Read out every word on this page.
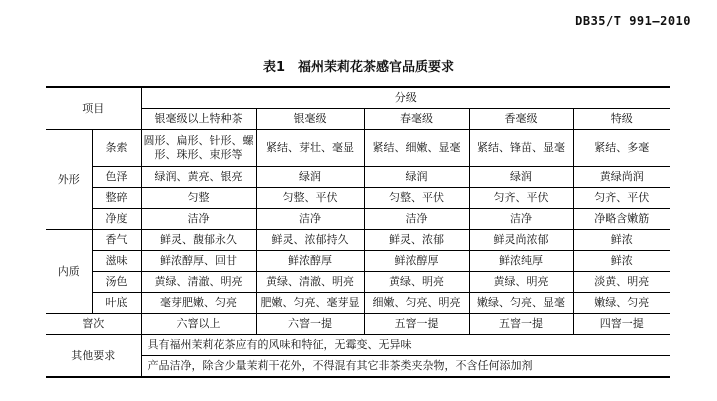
DB35/T 991—2010
表1　福州茉莉花茶感官品质要求
项目		分级				
		银毫级以上特种茶	银毫级	春毫级	香毫级	特级
外形	条索	圆形、扁形、针形、螺形、珠形、束形等	紧结、芽壮、毫显	紧结、细嫩、显毫	紧结、锋苗、显毫	紧结、多毫
	色泽	绿润、黄亮、银亮	绿润	绿润	绿润	黄绿尚润
	整碎	匀整	匀整、平伏	匀整、平伏	匀齐、平伏	匀齐、平伏
	净度	洁净	洁净	洁净	洁净	净略含嫩筋
内质	香气	鲜灵、馥郁永久	鲜灵、浓郁持久	鲜灵、浓郁	鲜灵尚浓郁	鲜浓
	滋味	鲜浓醇厚、回甘	鲜浓醇厚	鲜浓醇厚	鲜浓纯厚	鲜浓
	汤色	黄绿、清澈、明亮	黄绿、清澈、明亮	黄绿、明亮	黄绿、明亮	淡黄、明亮
	叶底	毫芽肥嫩、匀亮	肥嫩、匀亮、毫芽显	细嫩、匀亮、明亮	嫩绿、匀亮、显毫	嫩绿、匀亮
窨次		六窨以上	六窨一提	五窨一提	五窨一提	四窨一提
其他要求		具有福州茉莉花茶应有的风味和特征，无霉变、无异味				
		产品洁净，除含少量茉莉干花外，不得混有其它非茶类夹杂物，不含任何添加剂				
